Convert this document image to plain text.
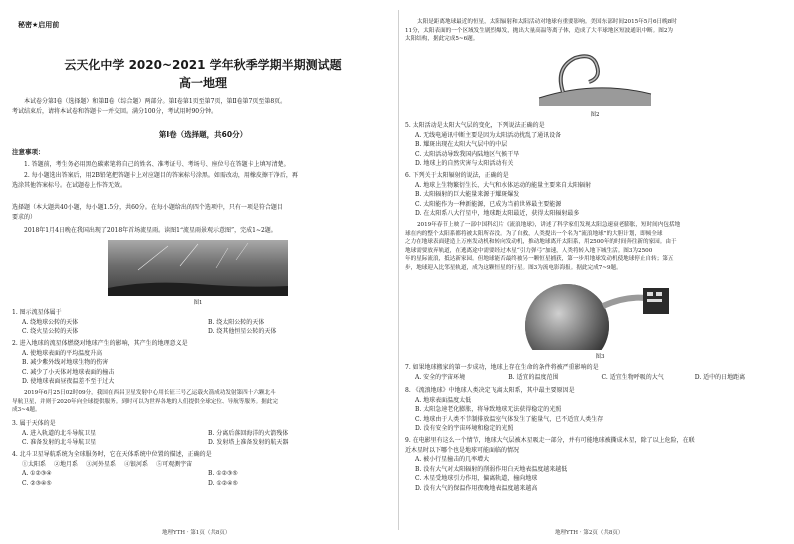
秘密★启用前
云天化中学 2020~2021 学年秋季学期半期测试题
高一地理
本试卷分第Ⅰ卷（选择题）和第Ⅱ卷（综合题）两部分。第Ⅰ卷第1页至第7页，第Ⅱ卷第7页至第8页。
考试结束后，请将本试卷和答题卡一并交回。满分100分，考试用时90分钟。
第Ⅰ卷（选择题，共60分）
注意事项：
1. 答题前，考生务必用黑色碳素笔将自己的姓名、准考证号、考场号、座位号在答题卡上填写清楚。
2. 每小题选出答案后，用2B铅笔把答题卡上对应题目的答案标号涂黑。如需改动，用橡皮擦干净后，再
选涂其他答案标号。在试题卷上作答无效。
选择题（本大题共40小题，每小题1.5分，共60分。在每小题给出的四个选项中，只有一项是符合题目
要求的）
2018年1月4日晚在我国出现了2018年首场流星雨。读图1“流星雨景观示意图”，完成1~2题。
图1
1. 图示流星体属于
A. 绕地球公转的天体	B. 绕太阳公转的天体
C. 绕火星公转的天体	D. 绕其他恒星公转的天体
2. 进入地球的流星体燃烧对地球产生的影响，其产生的地理意义是
A. 使地球表面的平均温度升高
B. 减少紫外线对地球生物的伤害
C. 减少了小天体对地球表面的撞击
D. 使地球表面昼夜温差不至于过大
2019年6月25日02时09分，我国在西昌卫星发射中心用长征三号乙运载火箭成功发射第四十六颗北斗
导航卫星，并则于2020年向全球提供服务。到时可以为世界各地的人们提供全球定位、导航等服务。据此完
成3~4题。
3. 属于天体的是
A. 进入轨道的北斗导航卫星	B. 分离后落回海洋的火箭残体
C. 准备发射的北斗导航卫星	D. 发射塔上准备发射的航天器
4. 北斗卫星导航系统为全球服务时，它在天体系统中位置的描述，正确的是
①太阳系 ②地月系 ③河外星系 ④银河系 ⑤可观测宇宙
A. ①②③④	B. ①②③⑤
C. ②③④⑤	D. ①②④⑤
地理YTH · 第1页（共8页）
太阳是距离地球最近的恒星，太阳辐射和太阳活动对地球有重要影响。美国东部时间2015年5月6日晚8时
11分，太阳表面的一个区域发生剧烈爆发，抛出大量高温等离子体，造成了大半球地区短波通讯中断。图2为
太阳结构，据此完成5~6题。
图2
5. 太阳活动是太阳大气层的变化，下列说法正确的是
A. 无线电通讯中断主要是因为太阳活动扰乱了通讯设备
B. 耀斑出现在太阳大气层中的中层
C. 太阳活动导致我国内陆地区气候干旱
D. 地球上的自然灾害与太阳活动有关
6. 下列关于太阳辐射的说法，正确的是
A. 地球上生物繁衍生长、大气和水体运动的能量主要来自太阳辐射
B. 太阳辐射的巨大能量来源于耀斑爆发
C. 太阳能作为一种新能源，已成为当前世界最主要能源
D. 在太阳系八大行星中，地球距太阳最近，获得太阳辐射最多
2019年春节上映了一部中国科幻片《流浪地球》，讲述了科学家们发现太阳急速衰老膨胀，短时间内包括地
球在内的整个太阳系都将被太阳所吞没。为了自救，人类提出一个名为“流浪地球”的大胆计划，即倾全球
之力在地球表面建造上万座发动机和转向发动机，推动地球离开太阳系，用2500年的时间奔往新的家园。由于
地球需要放弃轨道，在逃离途中需要经过木星“引力弹弓”加速，人类将转入地下城生活。图3为2500
年的星际流浪，抵达新家园。但地球能否最终被另一颗恒星捕获，第一步用地球发动机使地球停止自转；第五
步，地球迎入比邻星轨道，成为这颗恒星的行星。图3为流电影海报。据此完成7~9题。
图3
7. 如果地球搬家的第一步成功，地球上存在生命的条件将被严重影响的是
A. 安全的宇宙环境	B. 适宜的温度范围	C. 适宜生物呼吸的大气	D. 适中的日地距离
8. 《流浪地球》中地球人类决定飞离太阳系，其中最主要原因是
A. 地球表面温度太低
B. 太阳急速老化膨胀，将导致地球无法获得稳定的光照
C. 地球由于人类不节制排放温室气体发生了能量气，已不适宜人类生存
D. 没有安全的宇宙环境和稳定的光照
9. 在电影里有这么一个情节，地球大气层被木星吸走一部分，并有可能地球被撕成木星，除了以上危险，在联
近木星时以下哪个也是地球可能面临的情况
A. 被小行星撞击的几率增大
B. 没有大气对太阳辐射的削弱作用白天地表温度越来越低
C. 木星受地球引力作用，偏离轨道，撞向地球
D. 没有大气的保温作用夜晚地表温度越来越高
地理YTH · 第2页（共8页）
